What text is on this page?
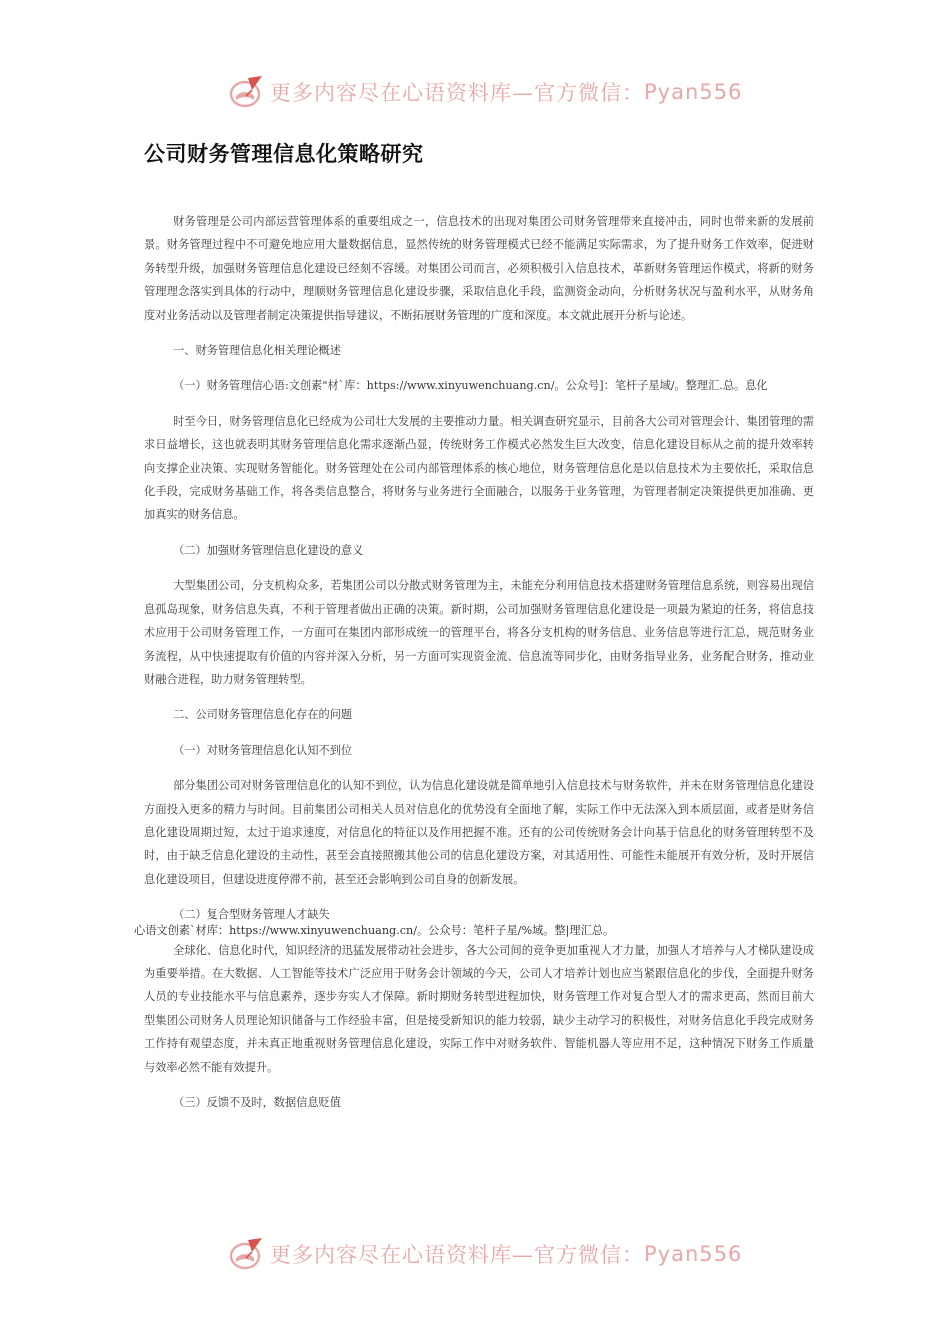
更多内容尽在心语资料库—官方微信： Pyan556
公司财务管理信息化策略研究

财务管理是公司内部运营管理体系的重要组成之一，信息技术的出现对集团公司财务管理带来直接冲击，同时也带来新的发展前景。财务管理过程中不可避免地应用大量数据信息，显然传统的财务管理模式已经不能满足实际需求，为了提升财务工作效率，促进财务转型升级，加强财务管理信息化建设已经刻不容缓。对集团公司而言，必须积极引入信息技术，革新财务管理运作模式，将新的财务管理理念落实到具体的行动中，理顺财务管理信息化建设步骤，采取信息化手段，监测资金动向，分析财务状况与盈利水平，从财务角度对业务活动以及管理者制定决策提供指导建议，不断拓展财务管理的广度和深度。本文就此展开分析与论述。

一、财务管理信息化相关理论概述

（一）财务管理信心语:文创素"材`库：https://www.xinyuwenchuang.cn/。公众号]：笔杆子星域/。整理汇.总。息化

时至今日，财务管理信息化已经成为公司壮大发展的主要推动力量。相关调查研究显示，目前各大公司对管理会计、集团管理的需求日益增长，这也就表明其财务管理信息化需求逐渐凸显，传统财务工作模式必然发生巨大改变，信息化建设目标从之前的提升效率转向支撑企业决策、实现财务智能化。财务管理处在公司内部管理体系的核心地位，财务管理信息化是以信息技术为主要依托，采取信息化手段，完成财务基础工作，将各类信息整合，将财务与业务进行全面融合，以服务于业务管理，为管理者制定决策提供更加准确、更加真实的财务信息。

（二）加强财务管理信息化建设的意义

大型集团公司，分支机构众多，若集团公司以分散式财务管理为主，未能充分利用信息技术搭建财务管理信息系统，则容易出现信息孤岛现象，财务信息失真，不利于管理者做出正确的决策。新时期，公司加强财务管理信息化建设是一项最为紧迫的任务，将信息技术应用于公司财务管理工作，一方面可在集团内部形成统一的管理平台，将各分支机构的财务信息、业务信息等进行汇总，规范财务业务流程，从中快速提取有价值的内容并深入分析，另一方面可实现资金流、信息流等同步化，由财务指导业务，业务配合财务，推动业财融合进程，助力财务管理转型。

二、公司财务管理信息化存在的问题

（一）对财务管理信息化认知不到位

部分集团公司对财务管理信息化的认知不到位，认为信息化建设就是简单地引入信息技术与财务软件，并未在财务管理信息化建设方面投入更多的精力与时间。目前集团公司相关人员对信息化的优势没有全面地了解，实际工作中无法深入到本质层面，或者是财务信息化建设周期过短，太过于追求速度，对信息化的特征以及作用把握不准。还有的公司传统财务会计向基于信息化的财务管理转型不及时，由于缺乏信息化建设的主动性，甚至会直接照搬其他公司的信息化建设方案，对其适用性、可能性未能展开有效分析，及时开展信息化建设项目，但建设进度停滞不前，甚至还会影响到公司自身的创新发展。

（二）复合型财务管理人才缺失

心语文创素`材库：https://www.xinyuwenchuang.cn/。公众号：笔杆子星/%域。整|理汇总。

全球化、信息化时代，知识经济的迅猛发展带动社会进步，各大公司间的竞争更加重视人才力量，加强人才培养与人才梯队建设成为重要举措。在大数据、人工智能等技术广泛应用于财务会计领域的今天，公司人才培养计划也应当紧跟信息化的步伐，全面提升财务人员的专业技能水平与信息素养，逐步夯实人才保障。新时期财务转型进程加快，财务管理工作对复合型人才的需求更高，然而目前大型集团公司财务人员理论知识储备与工作经验丰富，但是接受新知识的能力较弱，缺少主动学习的积极性，对财务信息化手段完成财务工作持有观望态度，并未真正地重视财务管理信息化建设，实际工作中对财务软件、智能机器人等应用不足，这种情况下财务工作质量与效率必然不能有效提升。

（三）反馈不及时，数据信息贬值

更多内容尽在心语资料库—官方微信： Pyan556
